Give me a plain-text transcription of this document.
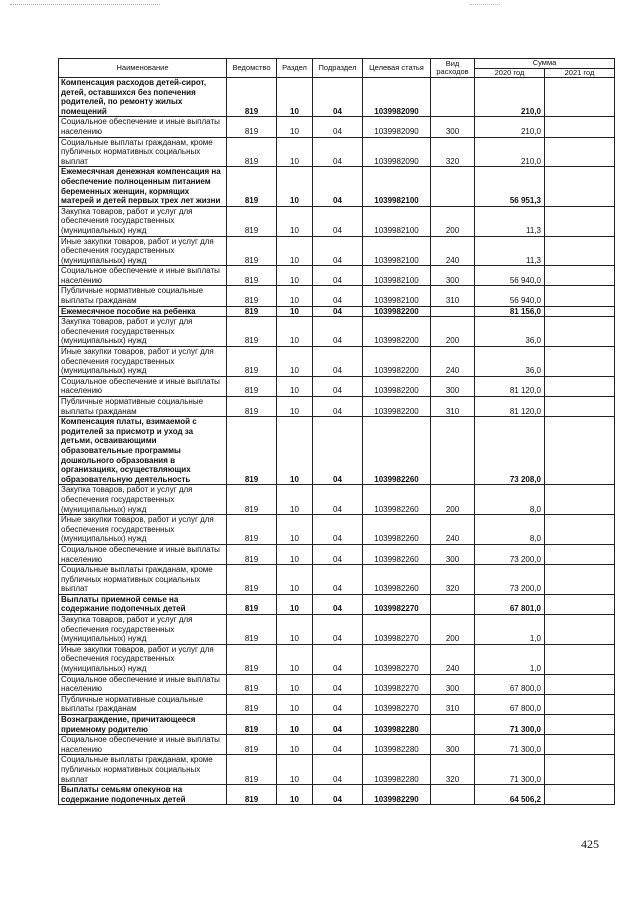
Наименование	Ведомство	Раздел	Подраздел	Целевая статья	Вид расходов	Сумма	
						2020 год	2021 год
Компенсация расходов детей-сирот, детей, оставшихся без попечения родителей, по ремонту жилых помещений	819	10	04	1039982090		210,0	
Социальное обеспечение и иные выплаты населению	819	10	04	1039982090	300	210,0	
Социальные выплаты гражданам, кроме публичных нормативных социальных выплат	819	10	04	1039982090	320	210,0	
Ежемесячная денежная компенсация на обеспечение полноценным питанием беременных женщин, кормящих матерей и детей первых трех лет жизни	819	10	04	1039982100		56 951,3	
Закупка товаров, работ и услуг для обеспечения государственных (муниципальных) нужд	819	10	04	1039982100	200	11,3	
Иные закупки товаров, работ и услуг для обеспечения государственных (муниципальных) нужд	819	10	04	1039982100	240	11,3	
Социальное обеспечение и иные выплаты населению	819	10	04	1039982100	300	56 940,0	
Публичные нормативные социальные выплаты гражданам	819	10	04	1039982100	310	56 940,0	
Ежемесячное пособие на ребенка	819	10	04	1039982200		81 156,0	
Закупка товаров, работ и услуг для обеспечения государственных (муниципальных) нужд	819	10	04	1039982200	200	36,0	
Иные закупки товаров, работ и услуг для обеспечения государственных (муниципальных) нужд	819	10	04	1039982200	240	36,0	
Социальное обеспечение и иные выплаты населению	819	10	04	1039982200	300	81 120,0	
Публичные нормативные социальные выплаты гражданам	819	10	04	1039982200	310	81 120,0	
Компенсация платы, взимаемой с родителей за присмотр и уход за детьми, осваивающими образовательные программы дошкольного образования в организациях, осуществляющих образовательную деятельность	819	10	04	1039982260		73 208,0	
Закупка товаров, работ и услуг для обеспечения государственных (муниципальных) нужд	819	10	04	1039982260	200	8,0	
Иные закупки товаров, работ и услуг для обеспечения государственных (муниципальных) нужд	819	10	04	1039982260	240	8,0	
Социальное обеспечение и иные выплаты населению	819	10	04	1039982260	300	73 200,0	
Социальные выплаты гражданам, кроме публичных нормативных социальных выплат	819	10	04	1039982260	320	73 200,0	
Выплаты приемной семье на содержание подопечных детей	819	10	04	1039982270		67 801,0	
Закупка товаров, работ и услуг для обеспечения государственных (муниципальных) нужд	819	10	04	1039982270	200	1,0	
Иные закупки товаров, работ и услуг для обеспечения государственных (муниципальных) нужд	819	10	04	1039982270	240	1,0	
Социальное обеспечение и иные выплаты населению	819	10	04	1039982270	300	67 800,0	
Публичные нормативные социальные выплаты гражданам	819	10	04	1039982270	310	67 800,0	
Вознаграждение, причитающееся приемному родителю	819	10	04	1039982280		71 300,0	
Социальное обеспечение и иные выплаты населению	819	10	04	1039982280	300	71 300,0	
Социальные выплаты гражданам, кроме публичных нормативных социальных выплат	819	10	04	1039982280	320	71 300,0	
Выплаты семьям опекунов на содержание подопечных детей	819	10	04	1039982290		64 506,2	
425
